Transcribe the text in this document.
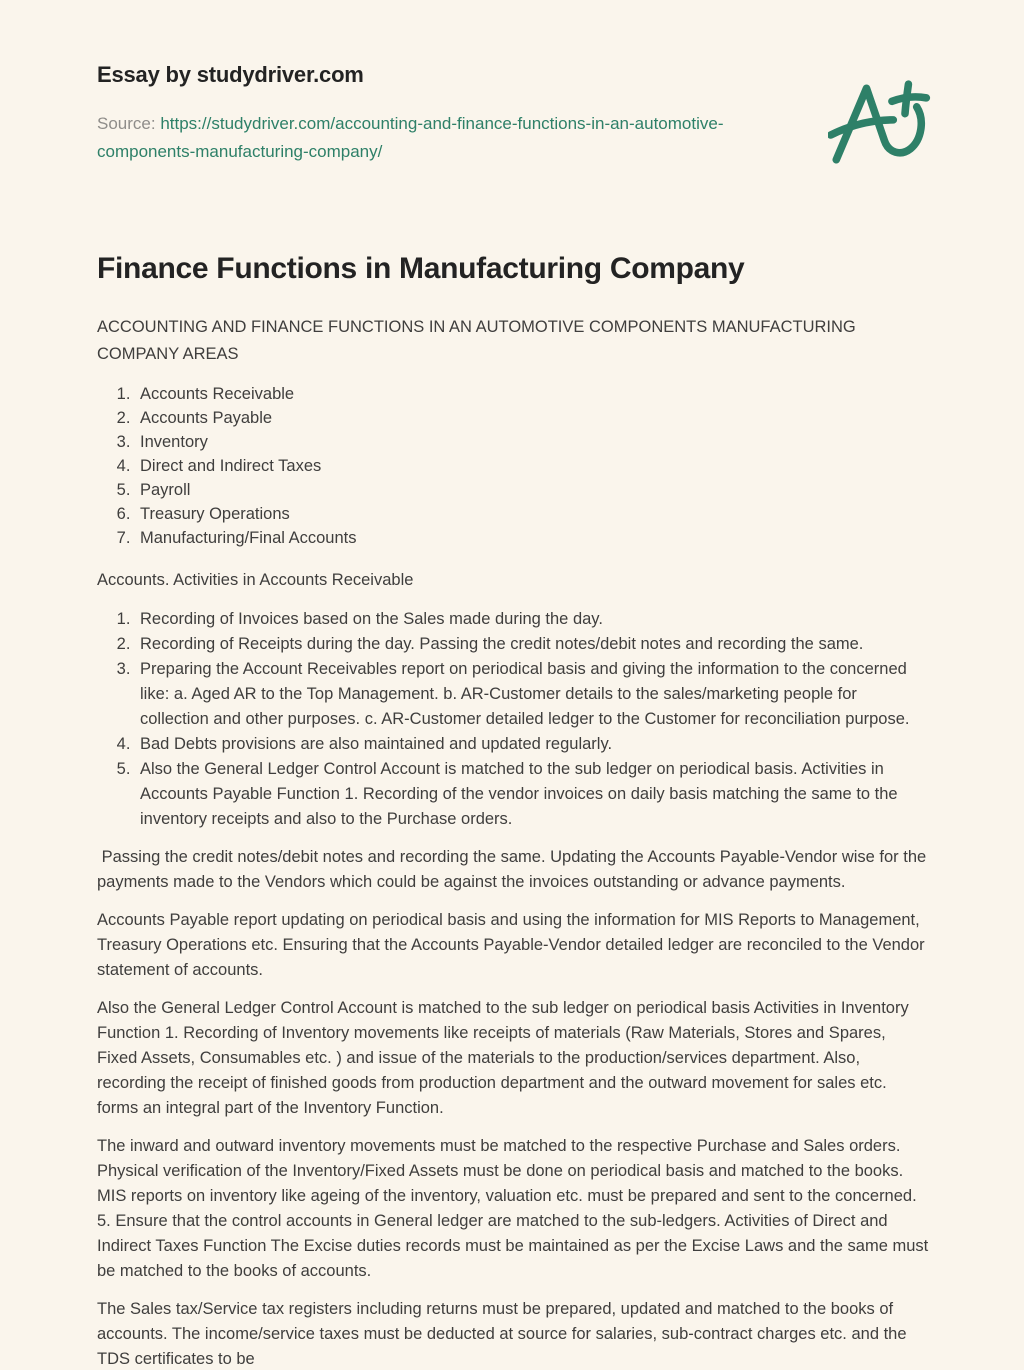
Essay by studydriver.com

Source: https://studydriver.com/accounting-and-finance-functions-in-an-automotive-components-manufacturing-company/

Finance Functions in Manufacturing Company

ACCOUNTING AND FINANCE FUNCTIONS IN AN AUTOMOTIVE COMPONENTS MANUFACTURING COMPANY AREAS

1. Accounts Receivable
2. Accounts Payable
3. Inventory
4. Direct and Indirect Taxes
5. Payroll
6. Treasury Operations
7. Manufacturing/Final Accounts

Accounts. Activities in Accounts Receivable

1. Recording of Invoices based on the Sales made during the day.
2. Recording of Receipts during the day. Passing the credit notes/debit notes and recording the same.
3. Preparing the Account Receivables report on periodical basis and giving the information to the concerned like: a. Aged AR to the Top Management. b. AR-Customer details to the sales/marketing people for collection and other purposes. c. AR-Customer detailed ledger to the Customer for reconciliation purpose.
4. Bad Debts provisions are also maintained and updated regularly.
5. Also the General Ledger Control Account is matched to the sub ledger on periodical basis. Activities in Accounts Payable Function 1. Recording of the vendor invoices on daily basis matching the same to the inventory receipts and also to the Purchase orders.

Passing the credit notes/debit notes and recording the same. Updating the Accounts Payable-Vendor wise for the payments made to the Vendors which could be against the invoices outstanding or advance payments.

Accounts Payable report updating on periodical basis and using the information for MIS Reports to Management, Treasury Operations etc. Ensuring that the Accounts Payable-Vendor detailed ledger are reconciled to the Vendor statement of accounts.

Also the General Ledger Control Account is matched to the sub ledger on periodical basis Activities in Inventory Function 1. Recording of Inventory movements like receipts of materials (Raw Materials, Stores and Spares, Fixed Assets, Consumables etc. ) and issue of the materials to the production/services department. Also, recording the receipt of finished goods from production department and the outward movement for sales etc. forms an integral part of the Inventory Function.

The inward and outward inventory movements must be matched to the respective Purchase and Sales orders. Physical verification of the Inventory/Fixed Assets must be done on periodical basis and matched to the books. MIS reports on inventory like ageing of the inventory, valuation etc. must be prepared and sent to the concerned. 5. Ensure that the control accounts in General ledger are matched to the sub-ledgers. Activities of Direct and Indirect Taxes Function The Excise duties records must be maintained as per the Excise Laws and the same must be matched to the books of accounts.

The Sales tax/Service tax registers including returns must be prepared, updated and matched to the books of accounts. The income/service taxes must be deducted at source for salaries, sub-contract charges etc. and the TDS certificates to be
